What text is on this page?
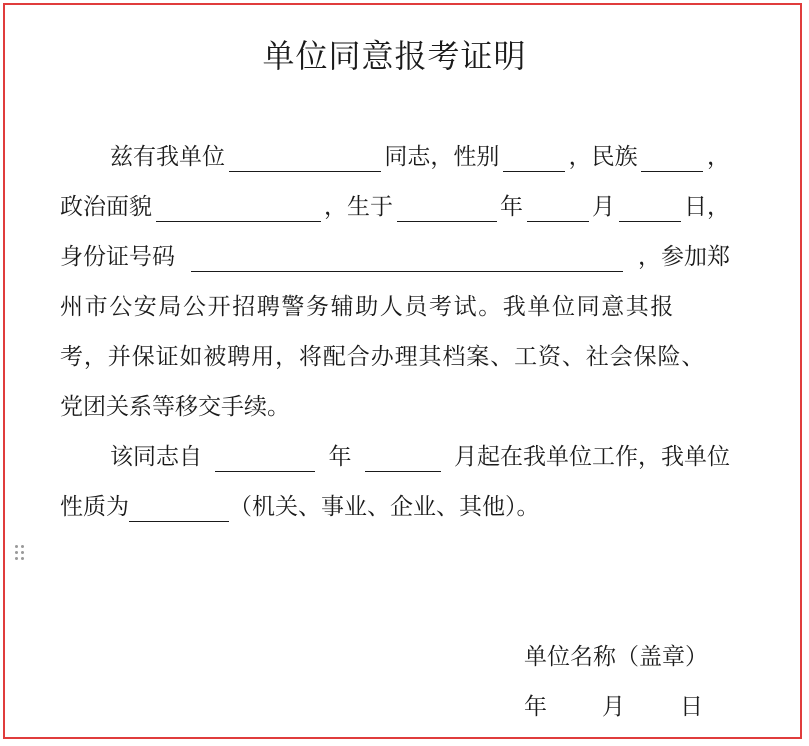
单位同意报考证明
兹有我单位	同志，性别	，民族	，
政治面貌	，生于	年	月	日，
身份证号码	，参加郑
州市公安局公开招聘警务辅助人员考试。我单位同意其报
考，并保证如被聘用，将配合办理其档案、工资、社会保险、
党团关系等移交手续。
该同志自	年	月起在我单位工作，我单位
性质为	（机关、事业、企业、其他）。
单位名称（盖章）
年 月 日
